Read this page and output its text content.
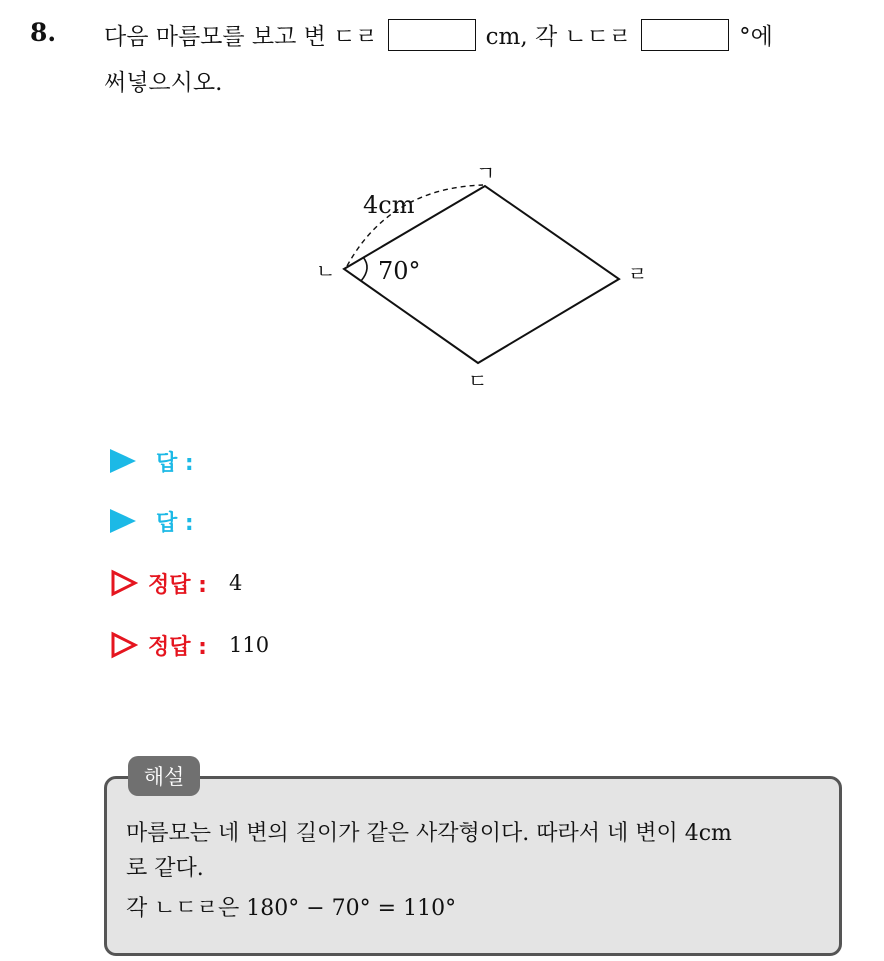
8. 다음 마름모를 보고 변 ㄷㄹ	cm, 각 ㄴㄷㄹ	°에
써넣으시오.
ㄱ
ㄴ	ㄹ
ㄷ
4cm
70°
답 :
답 :
정답 : 4
정답 : 110
해설
마름모는 네 변의 길이가 같은 사각형이다. 따라서 네 변이 4cm
로 같다.
각 ㄴㄷㄹ은 180° − 70° = 110°
